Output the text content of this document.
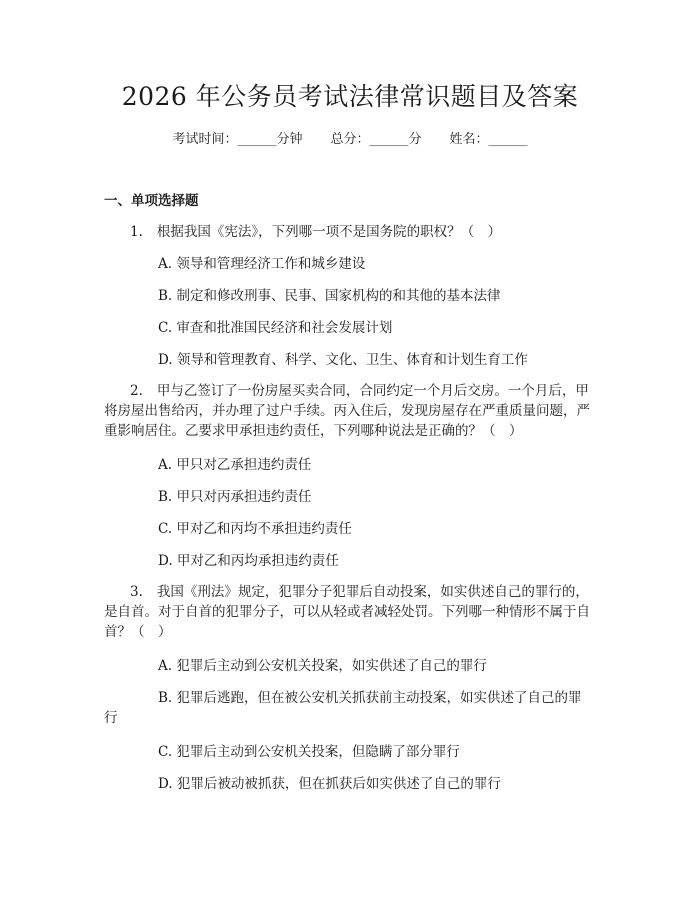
2026 年公务员考试法律常识题目及答案
考试时间：______分钟 总分：______分 姓名：______
一、单项选择题

1. 根据我国《宪法》，下列哪一项不是国务院的职权？（　）

A. 领导和管理经济工作和城乡建设

B. 制定和修改刑事、民事、国家机构的和其他的基本法律

C. 审查和批准国民经济和社会发展计划

D. 领导和管理教育、科学、文化、卫生、体育和计划生育工作

2. 甲与乙签订了一份房屋买卖合同，合同约定一个月后交房。一个月后，甲

将房屋出售给丙，并办理了过户手续。丙入住后，发现房屋存在严重质量问题，严

重影响居住。乙要求甲承担违约责任，下列哪种说法是正确的？（　）

A. 甲只对乙承担违约责任

B. 甲只对丙承担违约责任

C. 甲对乙和丙均不承担违约责任

D. 甲对乙和丙均承担违约责任

3. 我国《刑法》规定，犯罪分子犯罪后自动投案，如实供述自己的罪行的，

是自首。对于自首的犯罪分子，可以从轻或者减轻处罚。下列哪一种情形不属于自

首？（　）

A. 犯罪后主动到公安机关投案，如实供述了自己的罪行

B. 犯罪后逃跑，但在被公安机关抓获前主动投案，如实供述了自己的罪

行

C. 犯罪后主动到公安机关投案，但隐瞒了部分罪行

D. 犯罪后被动被抓获，但在抓获后如实供述了自己的罪行
